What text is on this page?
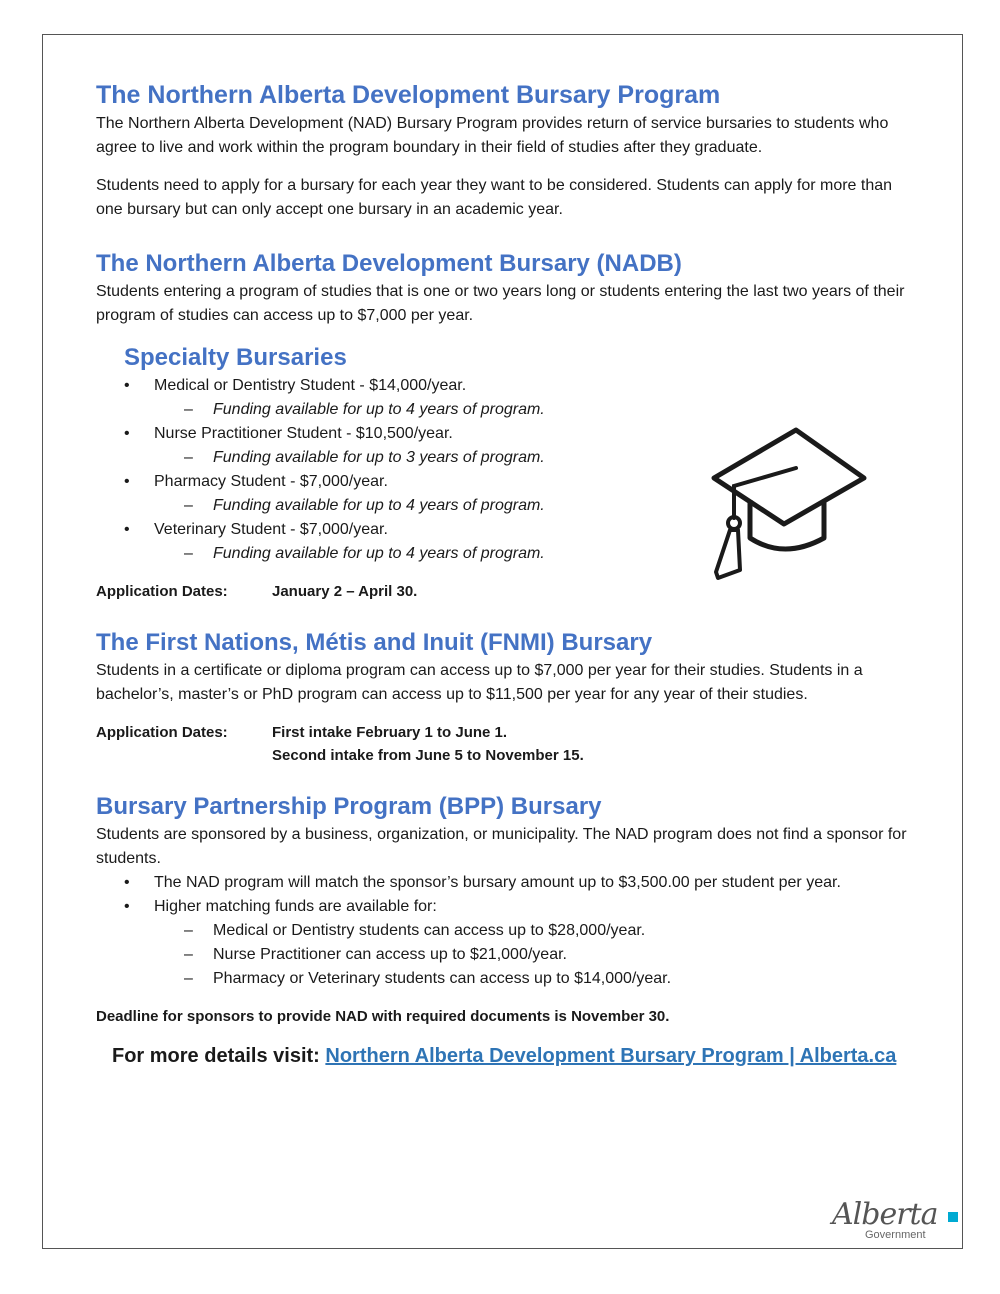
The Northern Alberta Development Bursary Program

The Northern Alberta Development (NAD) Bursary Program provides return of service bursaries to students who agree to live and work within the program boundary in their field of studies after they graduate.

Students need to apply for a bursary for each year they want to be considered. Students can apply for more than one bursary but can only accept one bursary in an academic year.

The Northern Alberta Development Bursary (NADB)

Students entering a program of studies that is one or two years long or students entering the last two years of their program of studies can access up to $7,000 per year.

Specialty Bursaries
• Medical or Dentistry Student - $14,000/year.
– Funding available for up to 4 years of program.
• Nurse Practitioner Student - $10,500/year.
– Funding available for up to 3 years of program.
• Pharmacy Student - $7,000/year.
– Funding available for up to 4 years of program.
• Veterinary Student - $7,000/year.
– Funding available for up to 4 years of program.
Application Dates:	January 2 – April 30.
The First Nations, Métis and Inuit (FNMI) Bursary

Students in a certificate or diploma program can access up to $7,000 per year for their studies. Students in a bachelor’s, master’s or PhD program can access up to $11,500 per year for any year of their studies.

Application Dates:	First intake February 1 to June 1.
Second intake from June 5 to November 15.
Bursary Partnership Program (BPP) Bursary

Students are sponsored by a business, organization, or municipality. The NAD program does not find a sponsor for students.

• The NAD program will match the sponsor’s bursary amount up to $3,500.00 per student per year.
• Higher matching funds are available for:
– Medical or Dentistry students can access up to $28,000/year.
– Nurse Practitioner can access up to $21,000/year.
– Pharmacy or Veterinary students can access up to $14,000/year.
Deadline for sponsors to provide NAD with required documents is November 30.
For more details visit: Northern Alberta Development Bursary Program | Alberta.ca
Alberta
Government
